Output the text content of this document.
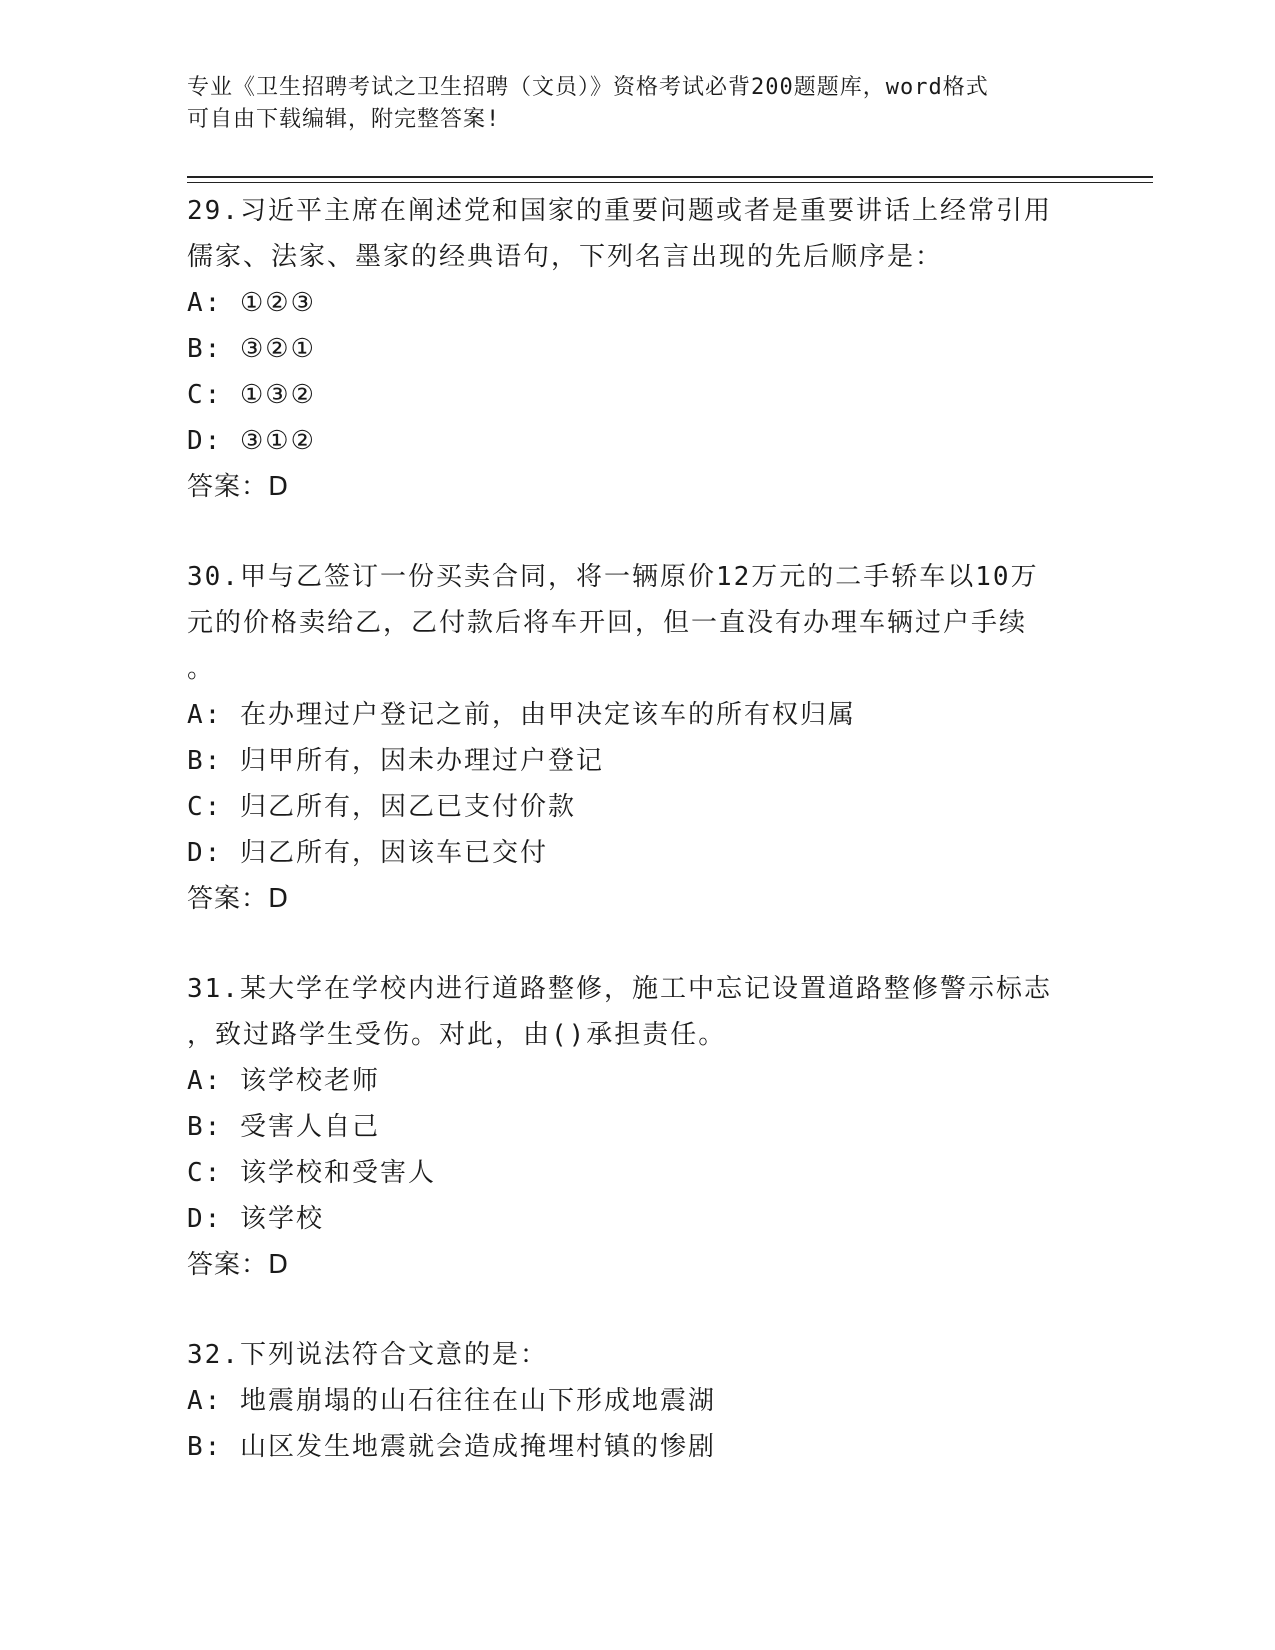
专业《卫生招聘考试之卫生招聘（文员）》资格考试必背200题题库，word格式
可自由下载编辑，附完整答案!
29.习近平主席在阐述党和国家的重要问题或者是重要讲话上经常引用
儒家、法家、墨家的经典语句，下列名言出现的先后顺序是：
A: ①②③
B: ③②①
C: ①③②
D: ③①②
答案：D
30.甲与乙签订一份买卖合同，将一辆原价12万元的二手轿车以10万
元的价格卖给乙，乙付款后将车开回，但一直没有办理车辆过户手续
。
A: 在办理过户登记之前，由甲决定该车的所有权归属
B: 归甲所有，因未办理过户登记
C: 归乙所有，因乙已支付价款
D: 归乙所有，因该车已交付
答案：D
31.某大学在学校内进行道路整修，施工中忘记设置道路整修警示标志
，致过路学生受伤。对此，由()承担责任。
A: 该学校老师
B: 受害人自己
C: 该学校和受害人
D: 该学校
答案：D
32.下列说法符合文意的是：
A: 地震崩塌的山石往往在山下形成地震湖
B: 山区发生地震就会造成掩埋村镇的惨剧
